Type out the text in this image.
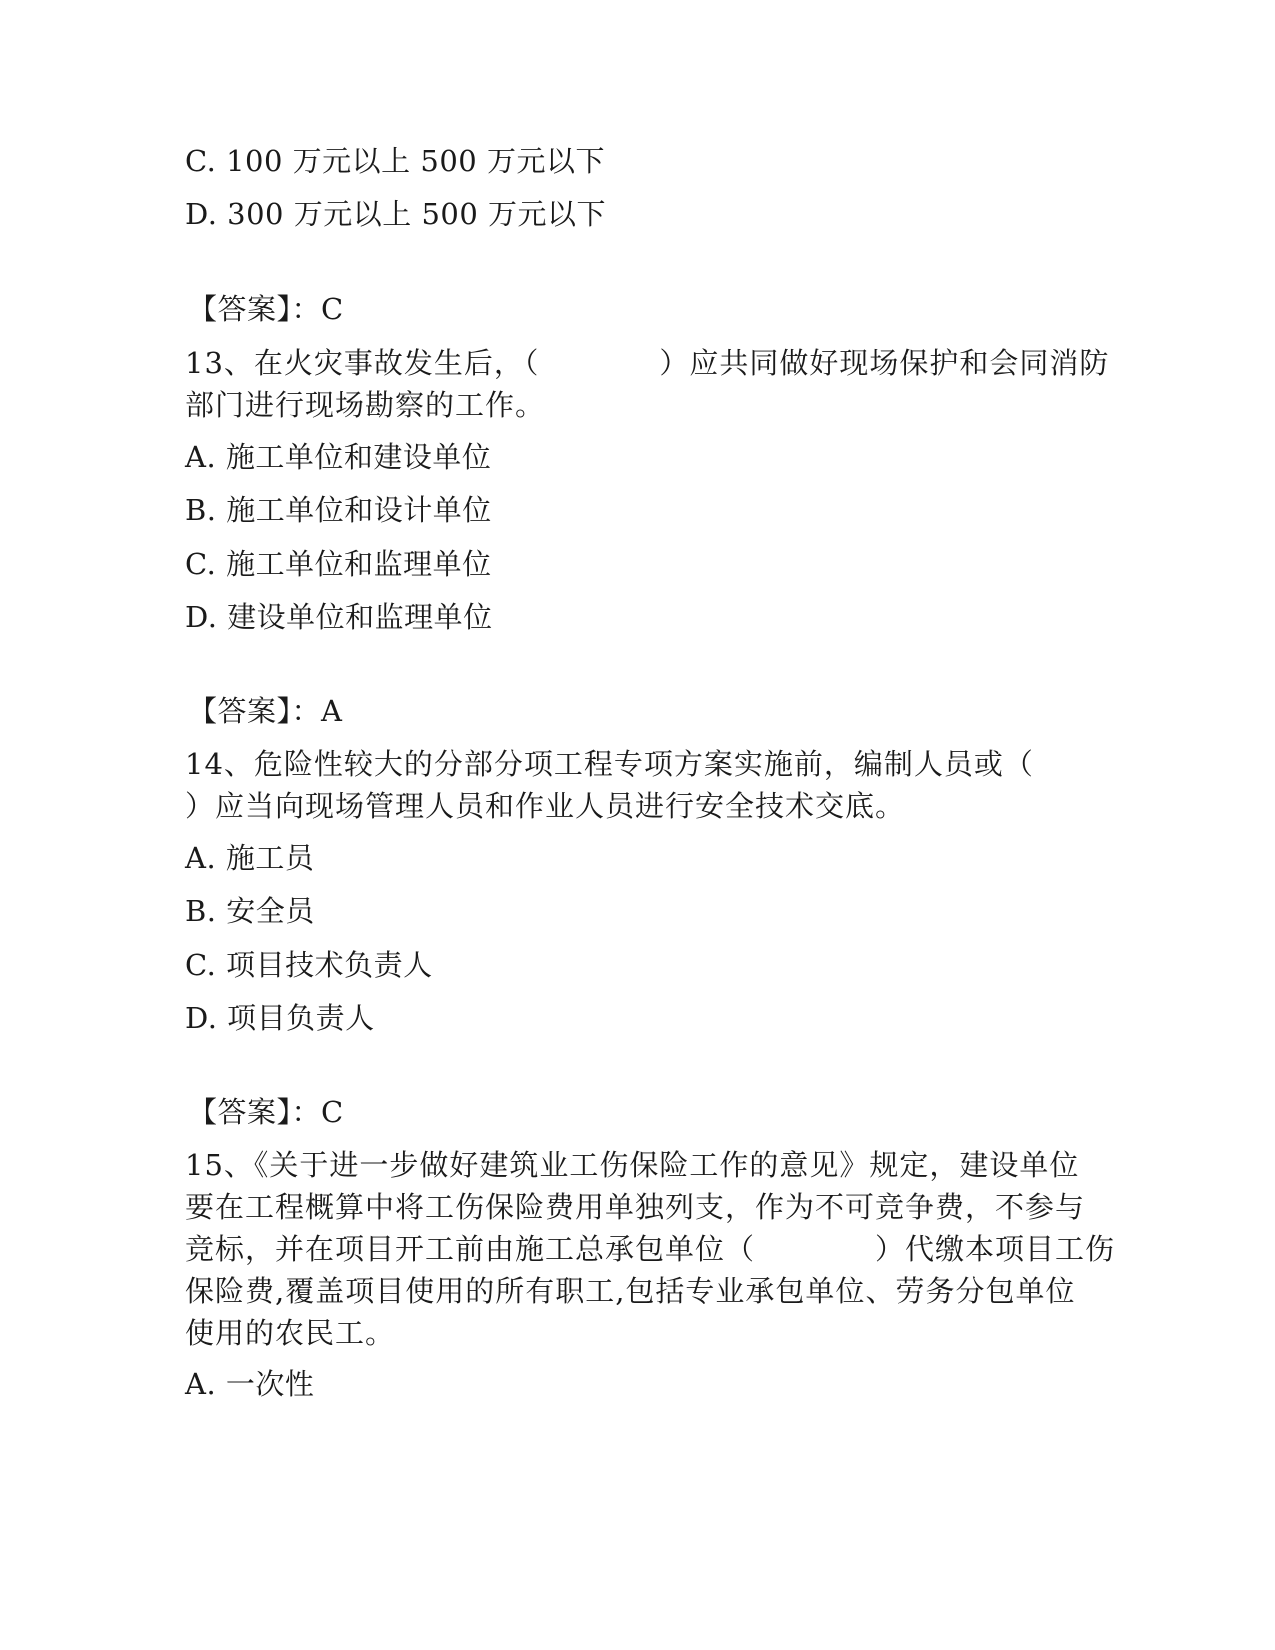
C. 100 万元以上 500 万元以下
D. 300 万元以上 500 万元以下
【答案】：C
13、在火灾事故发生后，（　　　　）应共同做好现场保护和会同消防
部门进行现场勘察的工作。
A. 施工单位和建设单位
B. 施工单位和设计单位
C. 施工单位和监理单位
D. 建设单位和监理单位
【答案】：A
14、危险性较大的分部分项工程专项方案实施前，编制人员或（
）应当向现场管理人员和作业人员进行安全技术交底。
A. 施工员
B. 安全员
C. 项目技术负责人
D. 项目负责人
【答案】：C
15、《关于进一步做好建筑业工伤保险工作的意见》规定，建设单位
要在工程概算中将工伤保险费用单独列支，作为不可竞争费，不参与
竞标，并在项目开工前由施工总承包单位（　　　　）代缴本项目工伤
保险费,覆盖项目使用的所有职工,包括专业承包单位、劳务分包单位
使用的农民工。
A. 一次性
